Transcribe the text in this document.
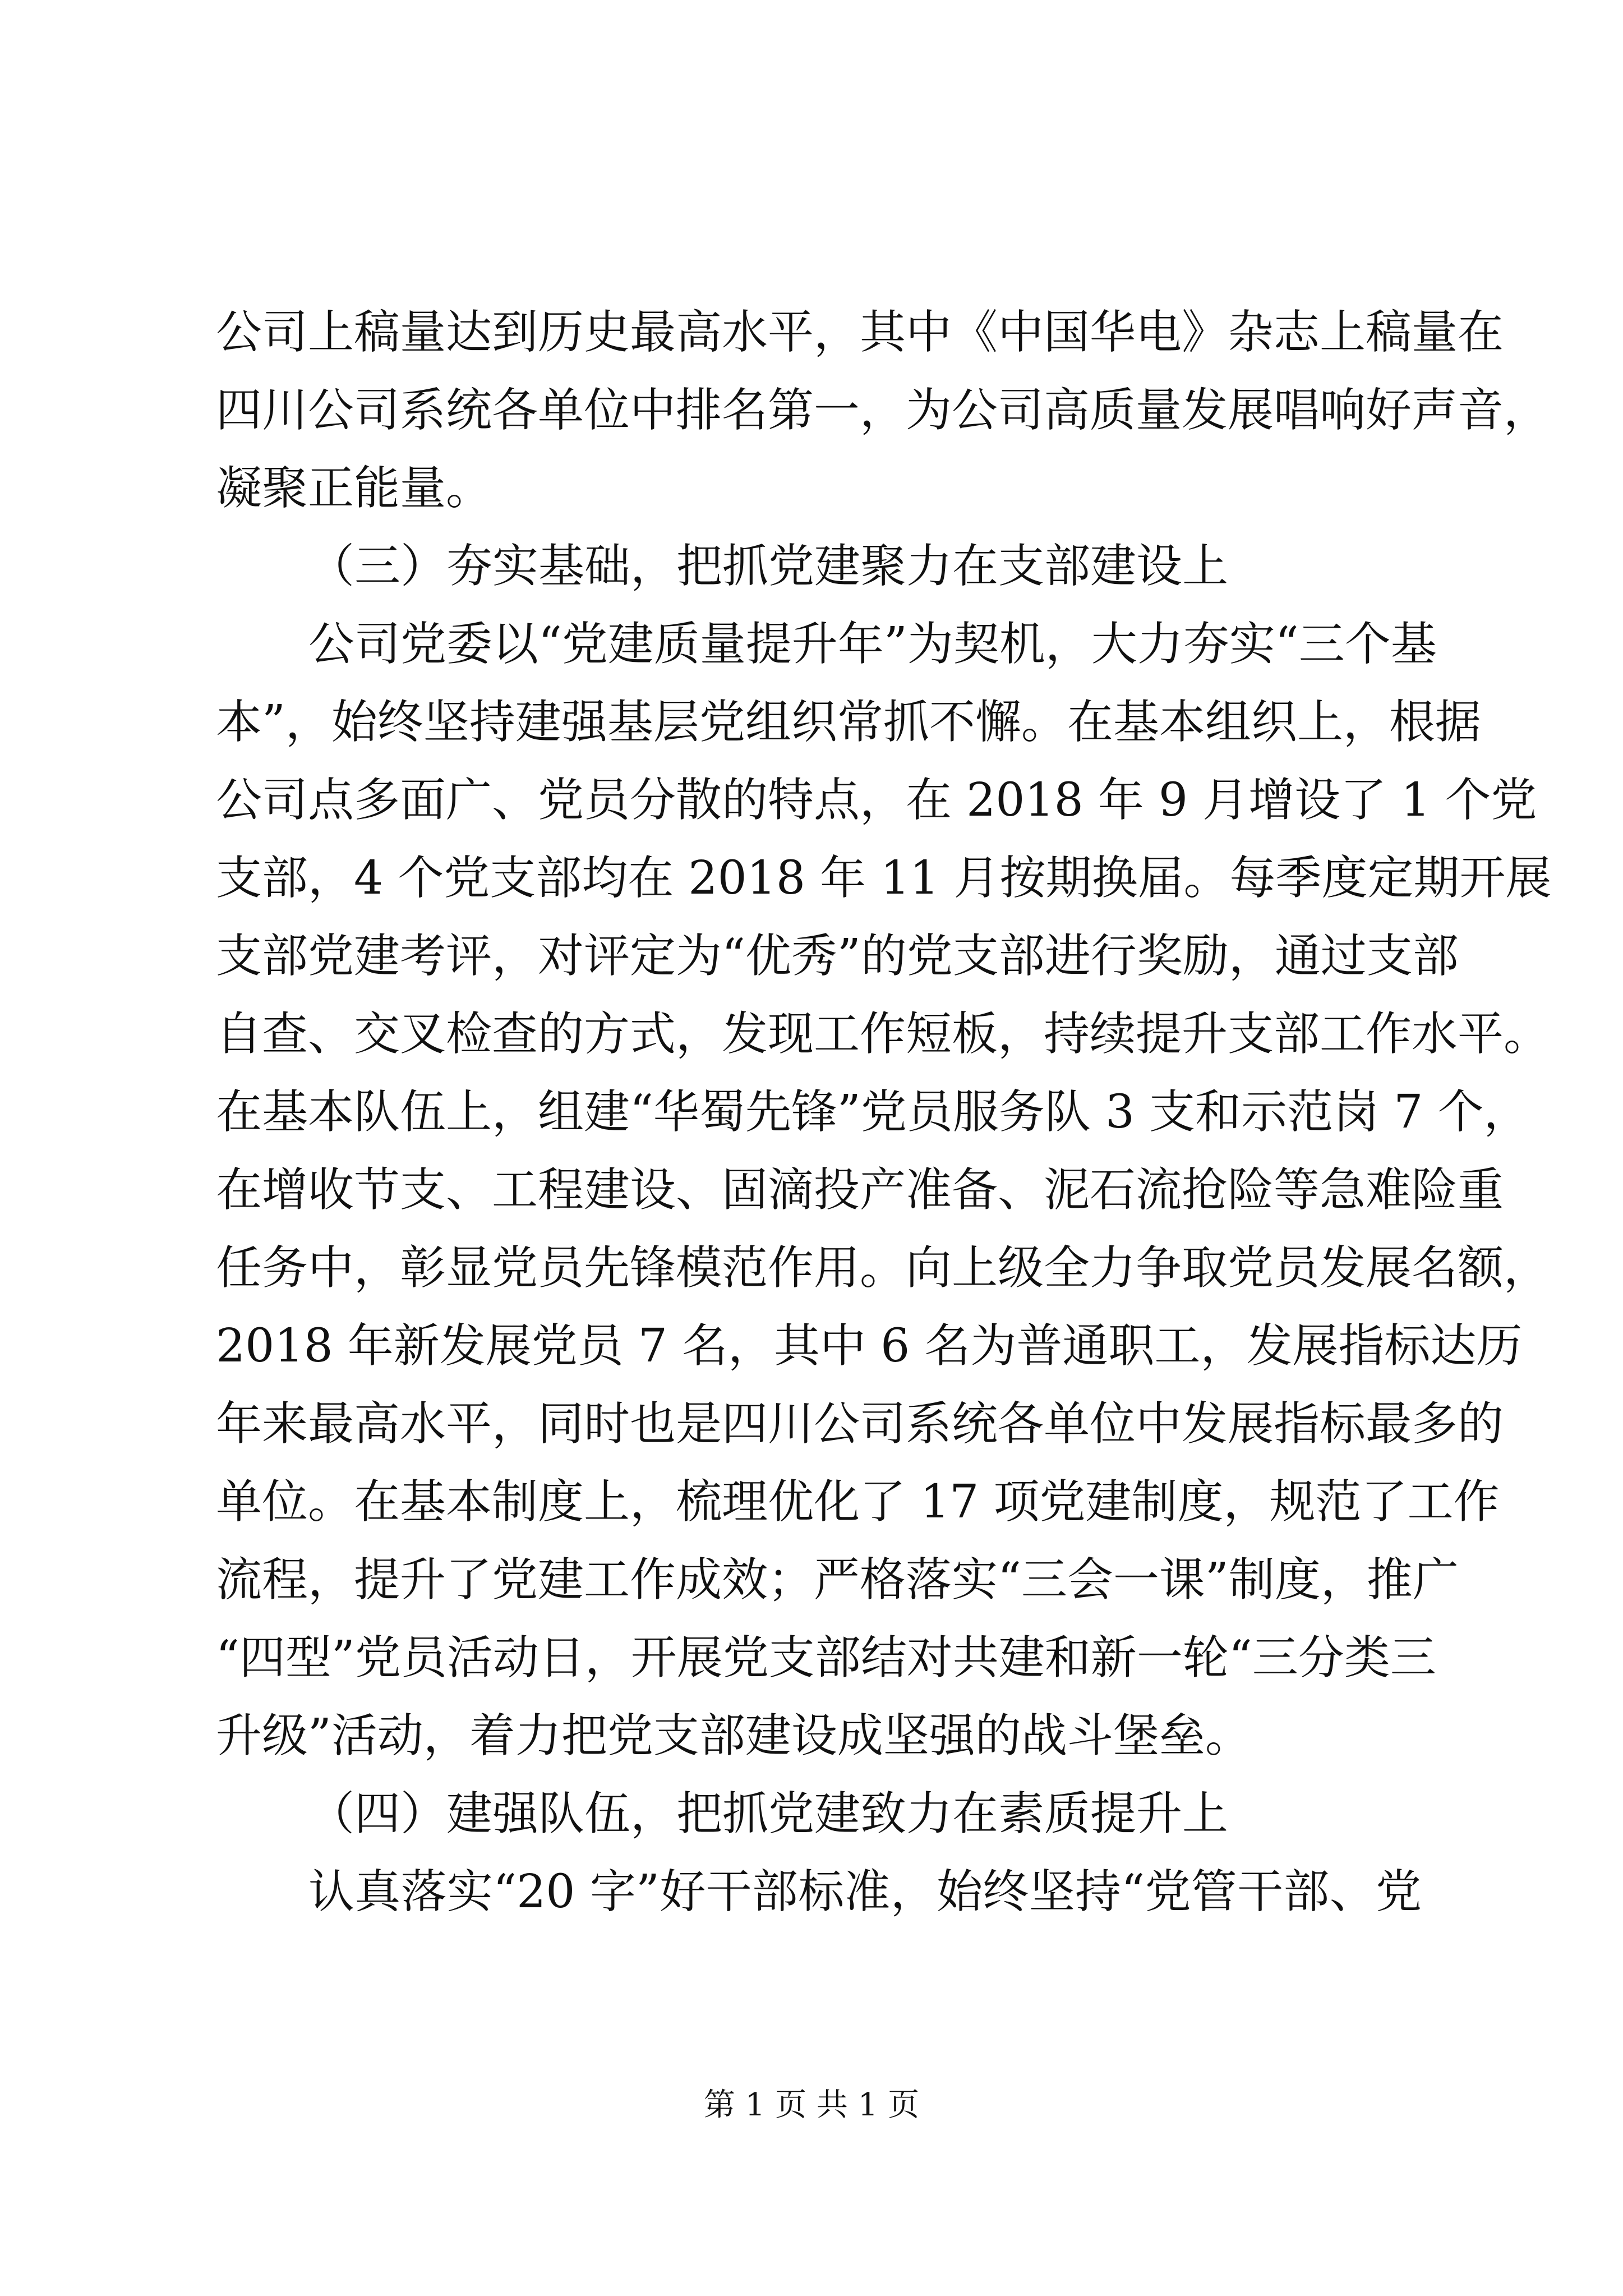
公司上稿量达到历史最高水平，其中《中国华电》杂志上稿量在
四川公司系统各单位中排名第一，为公司高质量发展唱响好声音，
凝聚正能量。
（三）夯实基础，把抓党建聚力在支部建设上
公司党委以“党建质量提升年”为契机，大力夯实“三个基
本”，始终坚持建强基层党组织常抓不懈。在基本组织上，根据
公司点多面广、党员分散的特点，在 2018 年 9 月增设了 1 个党
支部，4 个党支部均在 2018 年 11 月按期换届。每季度定期开展
支部党建考评，对评定为“优秀”的党支部进行奖励，通过支部
自查、交叉检查的方式，发现工作短板，持续提升支部工作水平。
在基本队伍上，组建“华蜀先锋”党员服务队 3 支和示范岗 7 个，
在增收节支、工程建设、固滴投产准备、泥石流抢险等急难险重
任务中，彰显党员先锋模范作用。向上级全力争取党员发展名额，
2018 年新发展党员 7 名，其中 6 名为普通职工，发展指标达历
年来最高水平，同时也是四川公司系统各单位中发展指标最多的
单位。在基本制度上，梳理优化了 17 项党建制度，规范了工作
流程，提升了党建工作成效；严格落实“三会一课”制度，推广
“四型”党员活动日，开展党支部结对共建和新一轮“三分类三
升级”活动，着力把党支部建设成坚强的战斗堡垒。
（四）建强队伍，把抓党建致力在素质提升上
认真落实“20 字”好干部标准，始终坚持“党管干部、党
第 1 页 共 1 页
